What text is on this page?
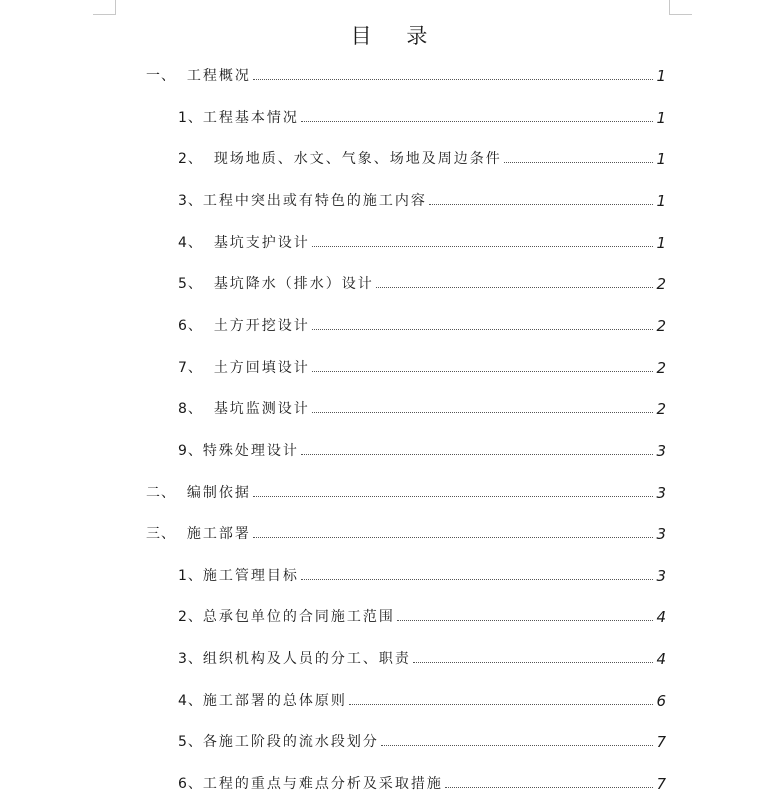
目 录
一、 工程概况	1
1、 工程基本情况	1
2、 现场地质、水文、气象、场地及周边条件	1
3、 工程中突出或有特色的施工内容	1
4、 基坑支护设计	1
5、 基坑降水（排水）设计	2
6、 土方开挖设计	2
7、 土方回填设计	2
8、 基坑监测设计	2
9、 特殊处理设计	3
二、 编制依据	3
三、 施工部署	3
1、 施工管理目标	3
2、 总承包单位的合同施工范围	4
3、 组织机构及人员的分工、职责	4
4、 施工部署的总体原则	6
5、 各施工阶段的流水段划分	7
6、 工程的重点与难点分析及采取措施	7
